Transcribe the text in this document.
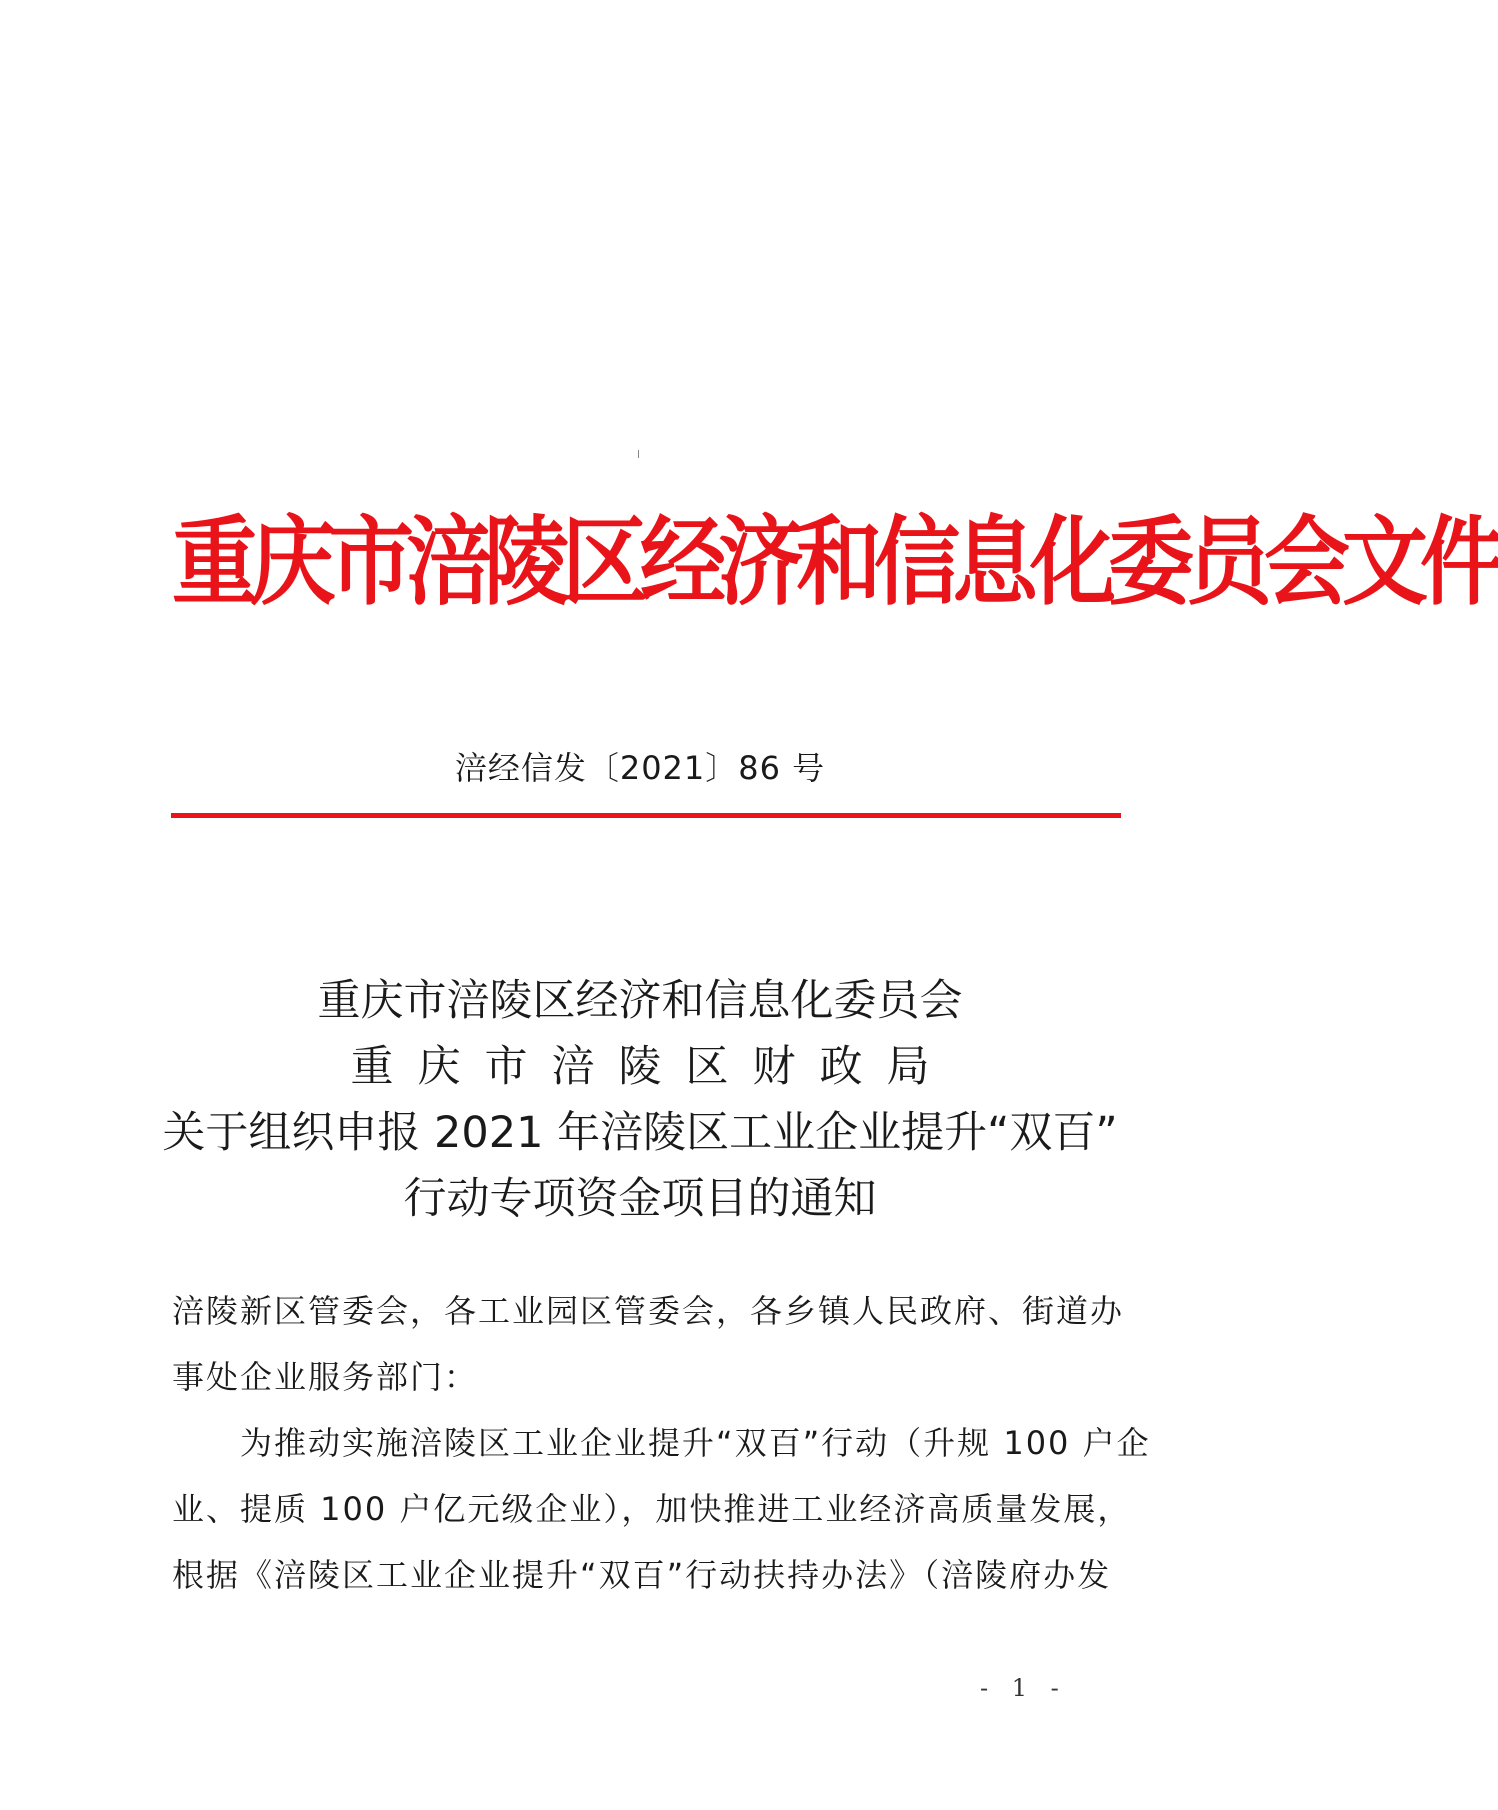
重庆市涪陵区经济和信息化委员会文件
涪经信发〔2021〕86 号
重庆市涪陵区经济和信息化委员会
重庆市涪陵区财政局
关于组织申报 2021 年涪陵区工业企业提升“双百”
行动专项资金项目的通知
涪陵新区管委会，各工业园区管委会，各乡镇人民政府、街道办
事处企业服务部门：
为推动实施涪陵区工业企业提升“双百”行动（升规 100 户企
业、提质 100 户亿元级企业），加快推进工业经济高质量发展，
根据《涪陵区工业企业提升“双百”行动扶持办法》（涪陵府办发
- 1 -
